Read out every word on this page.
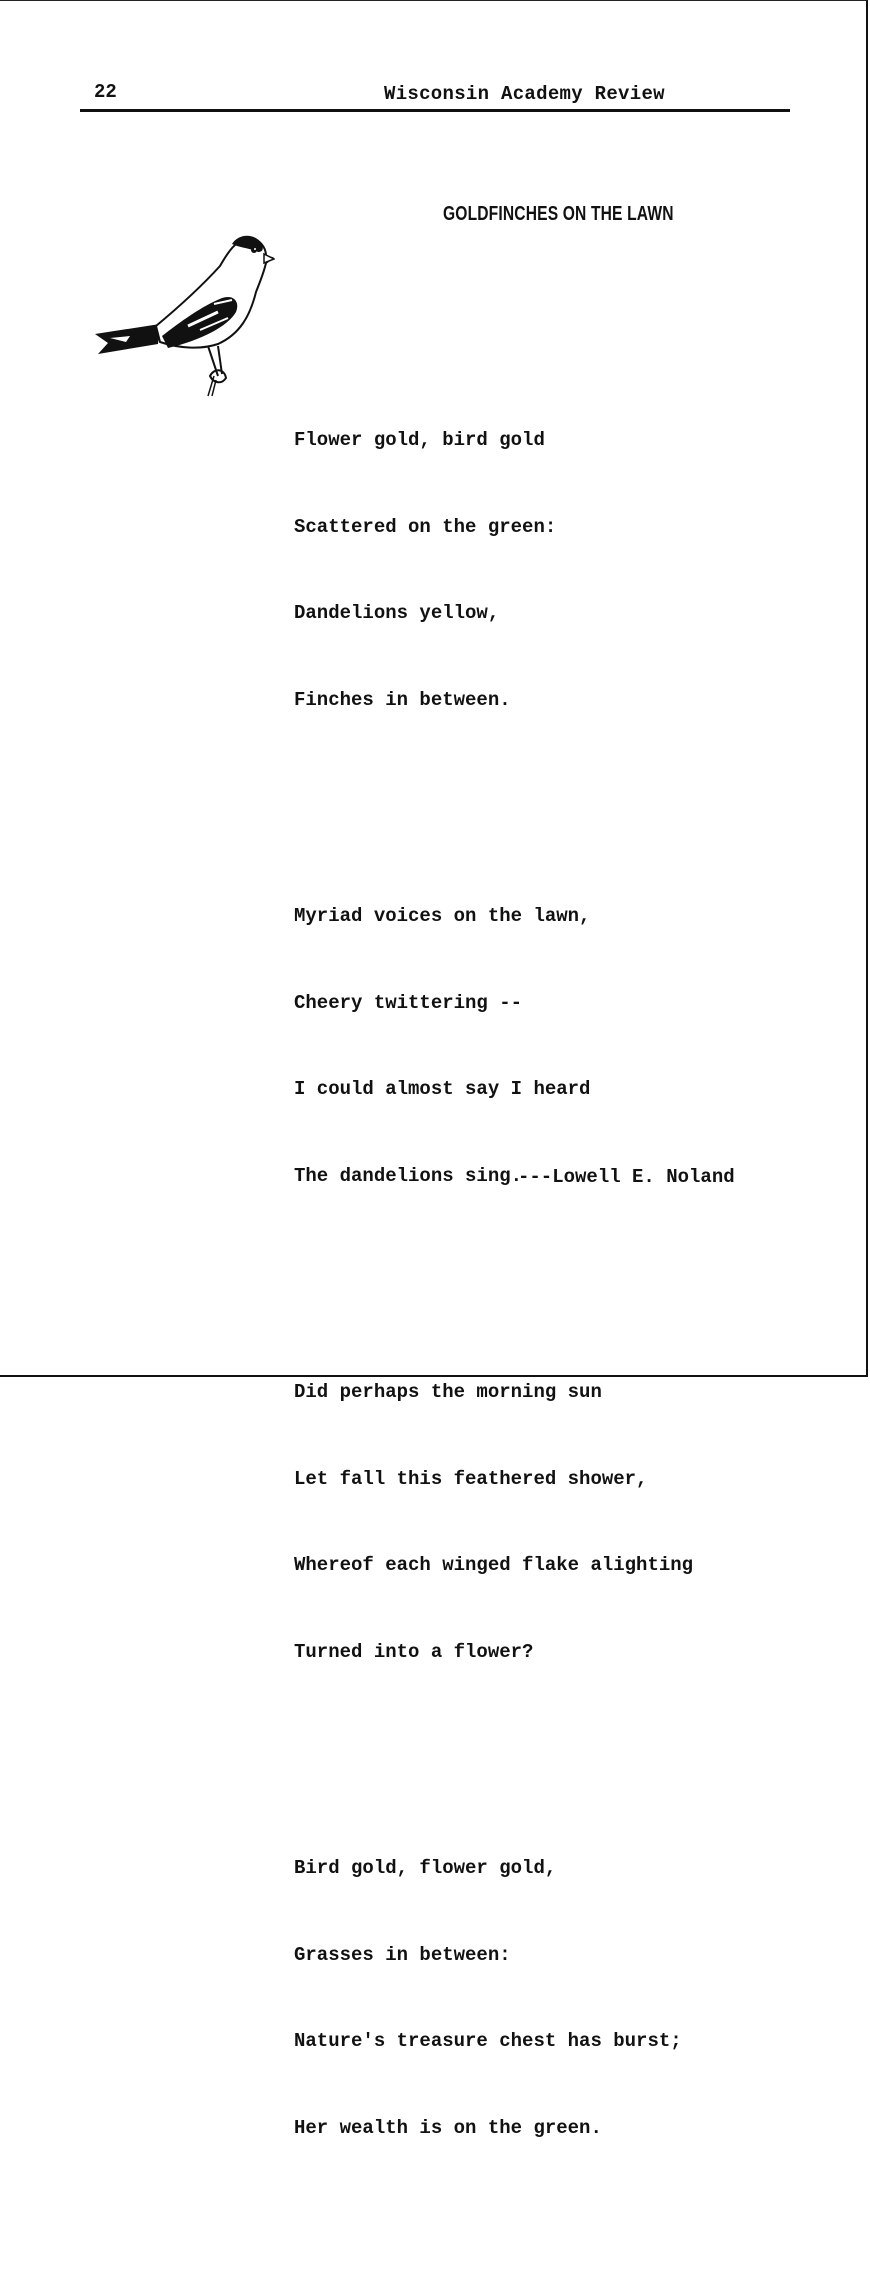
22	Wisconsin Academy Review
GOLDFINCHES ON THE LAWN

Flower gold, bird gold

Scattered on the green:

Dandelions yellow,

Finches in between.

Myriad voices on the lawn,

Cheery twittering --

I could almost say I heard

The dandelions sing.

Did perhaps the morning sun

Let fall this feathered shower,

Whereof each winged flake alighting

Turned into a flower?

Bird gold, flower gold,

Grasses in between:

Nature's treasure chest has burst;

Her wealth is on the green.

---Lowell E. Noland
